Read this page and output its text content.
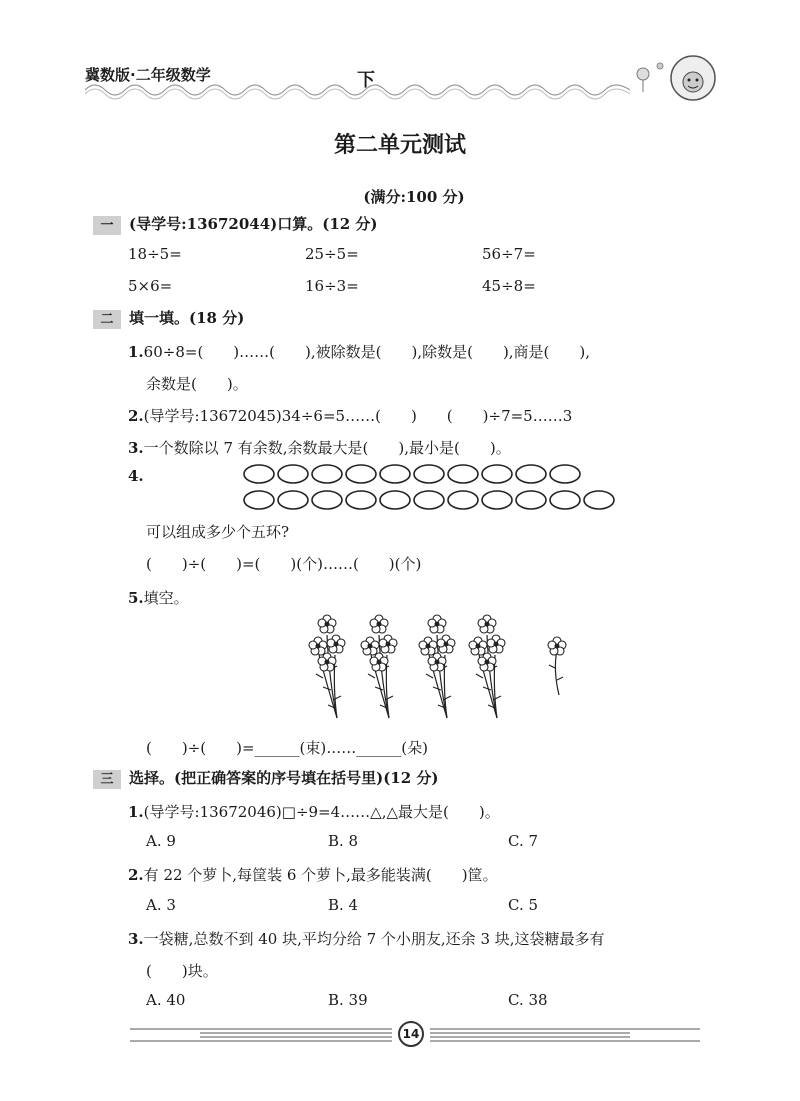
冀数版·二年级数学	下
第二单元测试
(满分:100 分)
一 (导学号:13672044)口算。(12 分)
18÷5=	25÷5=	56÷7=
5×6=	16÷3=	45÷8=
二 填一填。(18 分)
1.60÷8=(　　)……(　　),被除数是(　　),除数是(　　),商是(　　),
余数是(　　)。
2.(导学号:13672045)34÷6=5……(　　)　　(　　)÷7=5……3
3.一个数除以 7 有余数,余数最大是(　　),最小是(　　)。
4.
可以组成多少个五环?
(　　)÷(　　)=(　　)(个)……(　　)(个)
5.填空。
(　　)÷(　　)=______(束)……______(朵)
三 选择。(把正确答案的序号填在括号里)(12 分)
1.(导学号:13672046)□÷9=4……△,△最大是(　　)。
A. 9	B. 8	C. 7
2.有 22 个萝卜,每筐装 6 个萝卜,最多能装满(　　)筐。
A. 3	B. 4	C. 5
3.一袋糖,总数不到 40 块,平均分给 7 个小朋友,还余 3 块,这袋糖最多有
(　　)块。
A. 40	B. 39	C. 38
14
